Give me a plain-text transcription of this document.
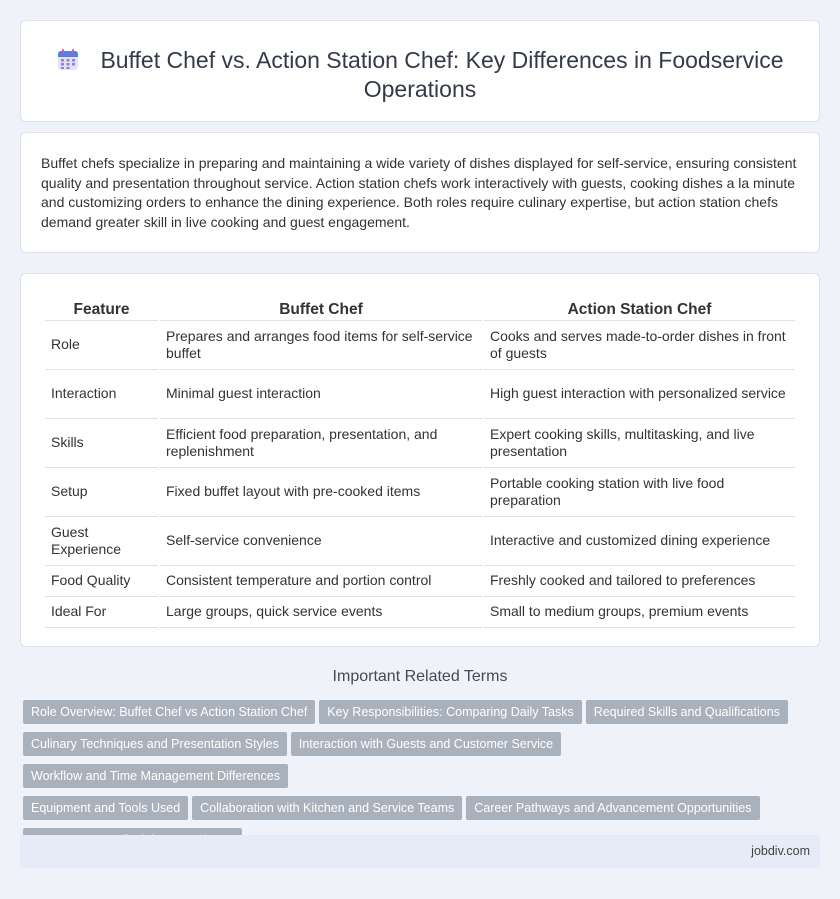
Buffet Chef vs. Action Station Chef: Key Differences in Foodservice Operations

Buffet chefs specialize in preparing and maintaining a wide variety of dishes displayed for self-service, ensuring consistent quality and presentation throughout service. Action station chefs work interactively with guests, cooking dishes a la minute and customizing orders to enhance the dining experience. Both roles require culinary expertise, but action station chefs demand greater skill in live cooking and guest engagement.

Feature	Buffet Chef	Action Station Chef
Role	Prepares and arranges food items for self-service buffet	Cooks and serves made-to-order dishes in front of guests
Interaction	Minimal guest interaction	High guest interaction with personalized service
Skills	Efficient food preparation, presentation, and replenishment	Expert cooking skills, multitasking, and live presentation
Setup	Fixed buffet layout with pre-cooked items	Portable cooking station with live food preparation
Guest Experience	Self-service convenience	Interactive and customized dining experience
Food Quality	Consistent temperature and portion control	Freshly cooked and tailored to preferences
Ideal For	Large groups, quick service events	Small to medium groups, premium events
Important Related Terms
Role Overview: Buffet Chef vs Action Station Chef Key Responsibilities: Comparing Daily Tasks Required Skills and Qualifications
Culinary Techniques and Presentation Styles Interaction with Guests and Customer ServiceWorkflow and Time Management Differences
Equipment and Tools Used Collaboration with Kitchen and Service Teams Career Pathways and Advancement Opportunities

jobdiv.com
